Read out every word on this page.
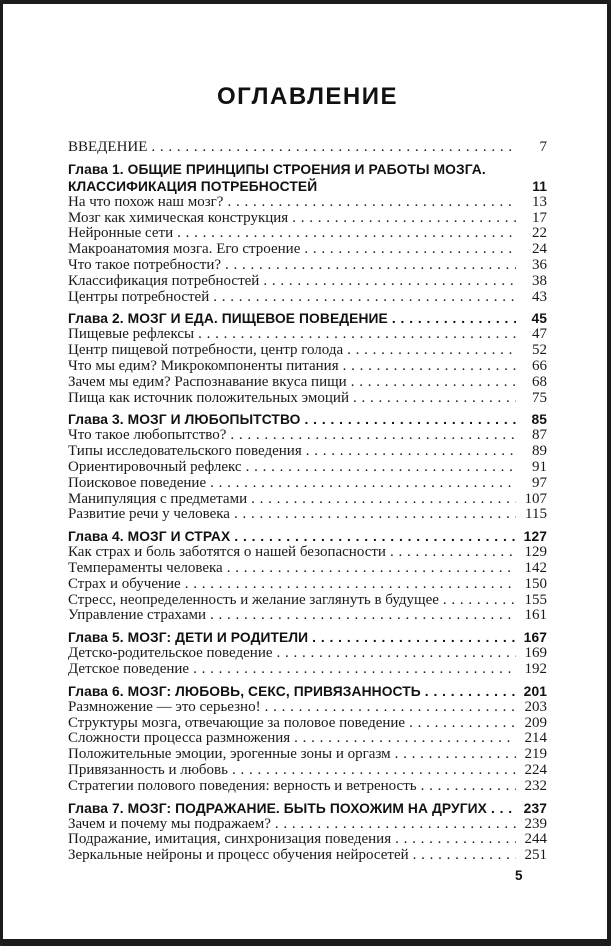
ОГЛАВЛЕНИЕ
ВВЕДЕНИЕ . . .	7
Глава 1. ОБЩИЕ ПРИНЦИПЫ СТРОЕНИЯ И РАБОТЫ МОЗГА. КЛАССИФИКАЦИЯ ПОТРЕБНОСТЕЙ	11
На что похож наш мозг? . . .	13
Мозг как химическая конструкция . . .	17
Нейронные сети . . .	22
Макроанатомия мозга. Его строение . . .	24
Что такое потребности? . . .	36
Классификация потребностей . . .	38
Центры потребностей . . .	43
Глава 2. МОЗГ И ЕДА. ПИЩЕВОЕ ПОВЕДЕНИЕ . . .	45
Пищевые рефлексы . . .	47
Центр пищевой потребности, центр голода . . .	52
Что мы едим? Микрокомпоненты питания . . .	66
Зачем мы едим? Распознавание вкуса пищи . . .	68
Пища как источник положительных эмоций . . .	75
Глава 3. МОЗГ И ЛЮБОПЫТСТВО . . .	85
Что такое любопытство? . . .	87
Типы исследовательского поведения . . .	89
Ориентировочный рефлекс . . .	91
Поисковое поведение . . .	97
Манипуляция с предметами . . .	107
Развитие речи у человека . . .	115
Глава 4. МОЗГ И СТРАХ . . .	127
Как страх и боль заботятся о нашей безопасности . . .	129
Темпераменты человека . . .	142
Страх и обучение . . .	150
Стресс, неопределенность и желание заглянуть в будущее . . .	155
Управление страхами . . .	161
Глава 5. МОЗГ: ДЕТИ И РОДИТЕЛИ . . .	167
Детско-родительское поведение . . .	169
Детское поведение . . .	192
Глава 6. МОЗГ: ЛЮБОВЬ, СЕКС, ПРИВЯЗАННОСТЬ . . .	201
Размножение — это серьезно! . . .	203
Структуры мозга, отвечающие за половое поведение . . .	209
Сложности процесса размножения . . .	214
Положительные эмоции, эрогенные зоны и оргазм . . .	219
Привязанность и любовь . . .	224
Стратегии полового поведения: верность и ветреность . . .	232
Глава 7. МОЗГ: ПОДРАЖАНИЕ. БЫТЬ ПОХОЖИМ НА ДРУГИХ . . .	237
Зачем и почему мы подражаем? . . .	239
Подражание, имитация, синхронизация поведения . . .	244
Зеркальные нейроны и процесс обучения нейросетей . . .	251
5
